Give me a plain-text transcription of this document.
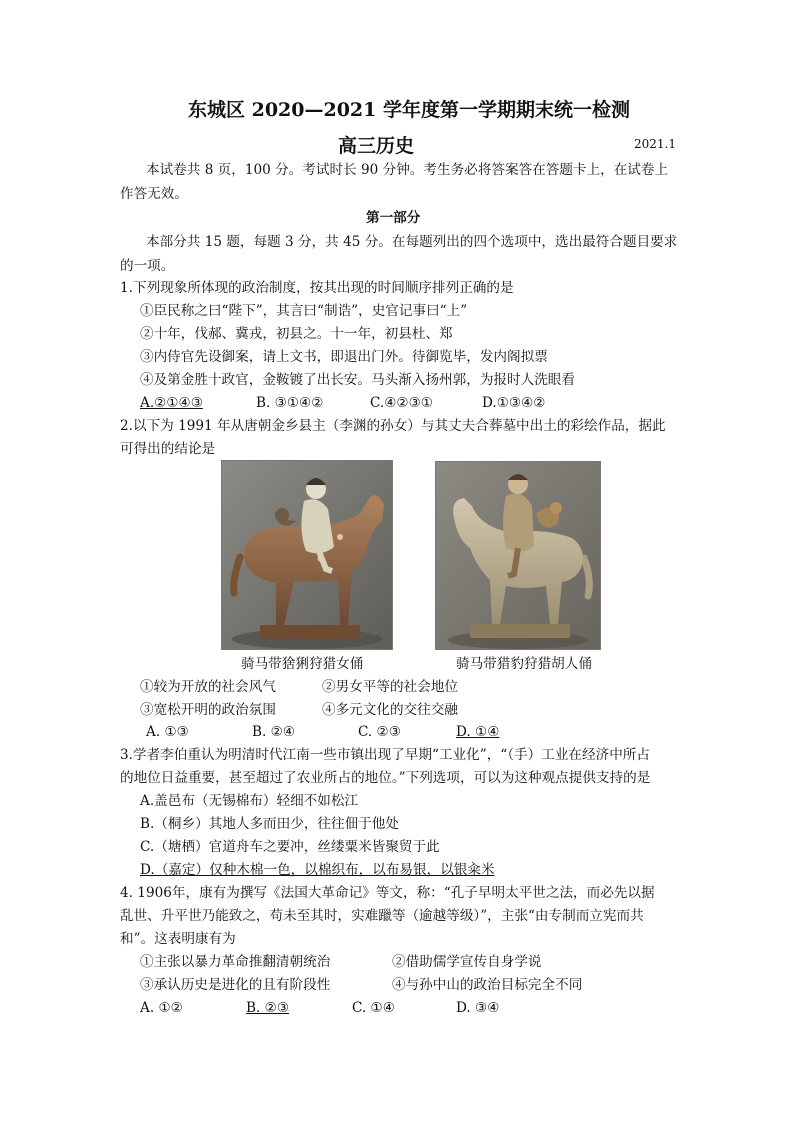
东城区 2020—2021 学年度第一学期期末统一检测
高三历史	2021.1
本试卷共 8 页，100 分。考试时长 90 分钟。考生务必将答案答在答题卡上，在试卷上
作答无效。
第一部分
本部分共 15 题，每题 3 分，共 45 分。在每题列出的四个选项中，选出最符合题目要求
的一项。
1.下列现象所体现的政治制度，按其出现的时间顺序排列正确的是
①臣民称之曰“陛下”，其言曰“制诰”，史官记事曰“上”
②十年，伐郝、冀戎，初县之。十一年，初县杜、郑
③内侍官先设御案，请上文书，即退出门外。待御览毕，发内阁拟票
④及第金胜十政官，金鞍镀了出长安。马头渐入扬州郭，为报时人洗眼看
A.②①④③	B. ③①④②	C.④②③①	D.①③④②
2.以下为 1991 年从唐朝金乡县主（李渊的孙女）与其丈夫合葬墓中出土的彩绘作品，据此
可得出的结论是
骑马带猞猁狩猎女俑	骑马带猎豹狩猎胡人俑
①较为开放的社会风气	②男女平等的社会地位
③宽松开明的政治氛围	④多元文化的交往交融
A. ①③	B. ②④	C. ②③	D. ①④
3.学者李伯重认为明清时代江南一些市镇出现了早期“工业化”，“（手）工业在经济中所占
的地位日益重要，甚至超过了农业所占的地位。”下列选项，可以为这种观点提供支持的是
A.盖邑布（无锡棉布）轻细不如松江
B.（桐乡）其地人多而田少，往往佃于他处
C.（塘栖）官道舟车之要冲，丝缕粟米皆聚贸于此
D.（嘉定）仅种木棉一色，以棉织布，以布易银，以银籴米
4. 1906年，康有为撰写《法国大革命记》等文，称：“孔子早明太平世之法，而必先以据
乱世、升平世乃能致之，苟未至其时，实难躐等（逾越等级）”，主张“由专制而立宪而共
和”。这表明康有为
①主张以暴力革命推翻清朝统治	②借助儒学宣传自身学说
③承认历史是进化的且有阶段性	④与孙中山的政治目标完全不同
A. ①②	B. ②③	C. ①④	D. ③④
